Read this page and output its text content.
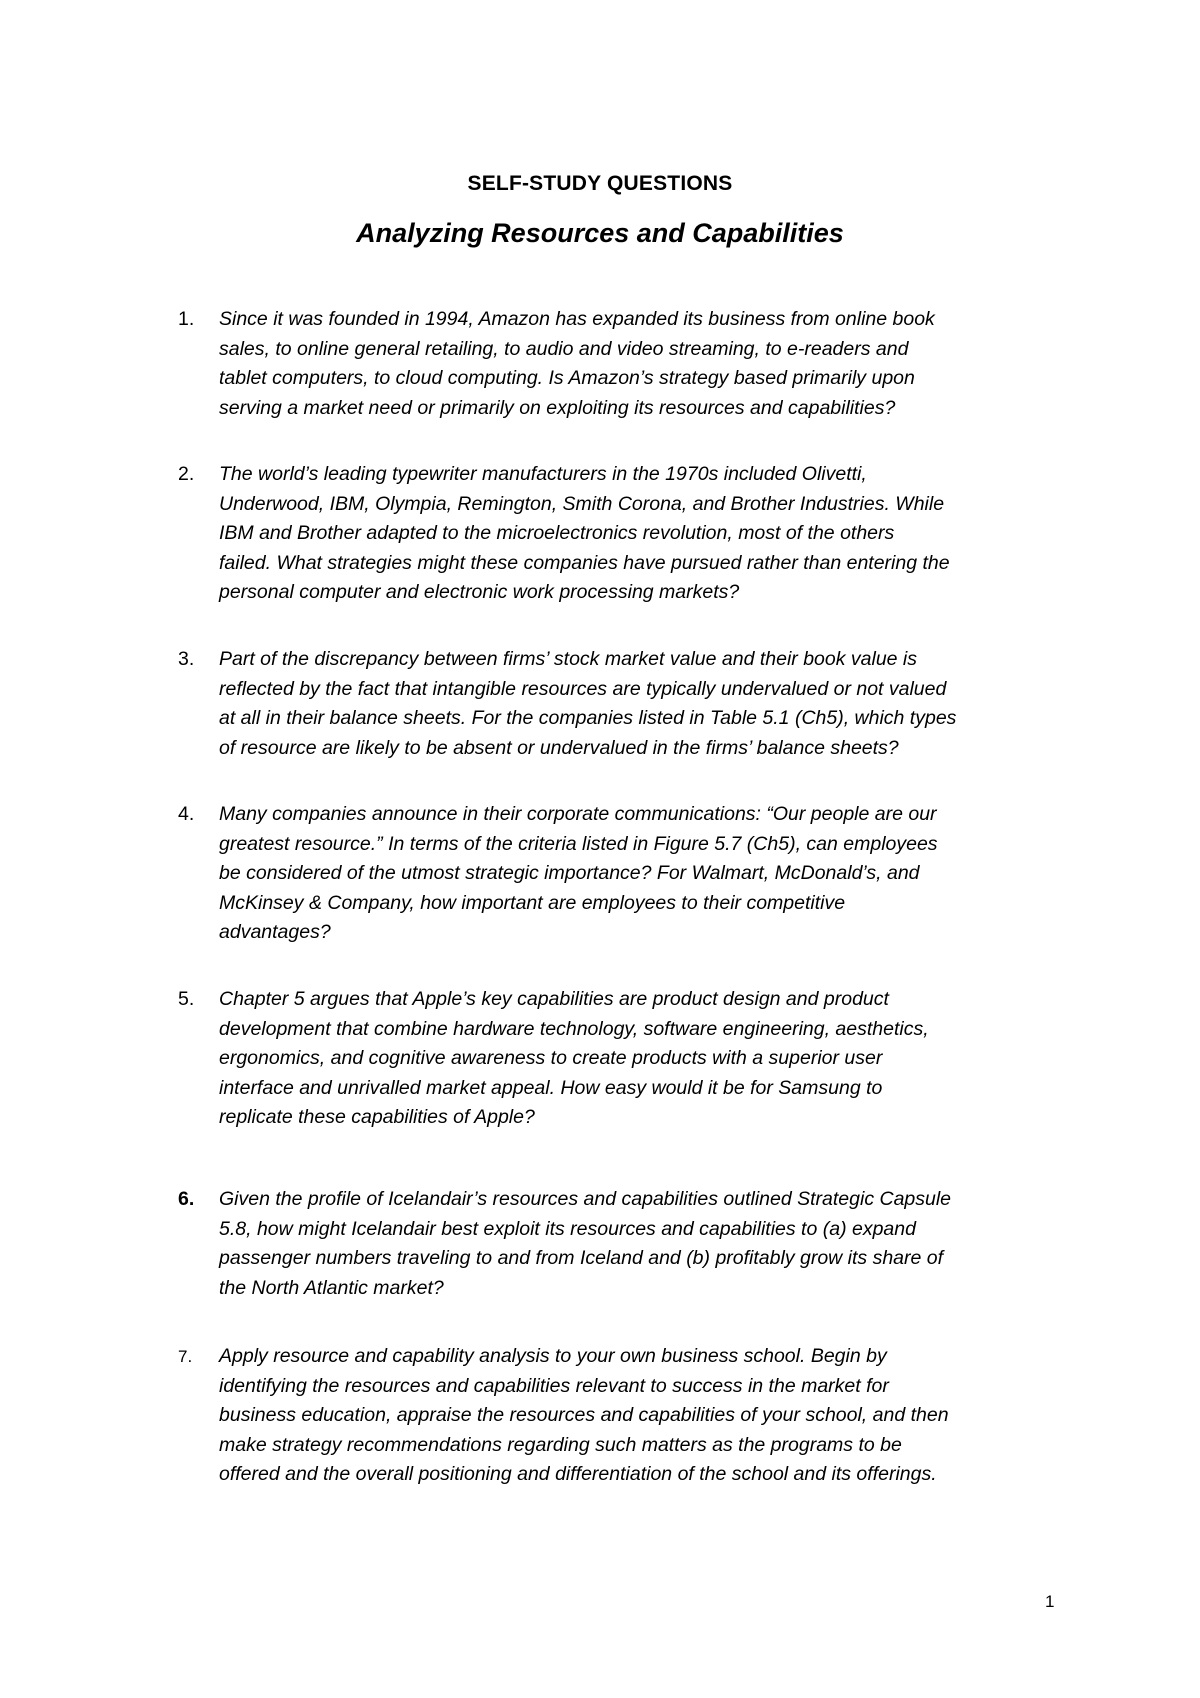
SELF-STUDY QUESTIONS
Analyzing Resources and Capabilities
1. Since it was founded in 1994, Amazon has expanded its business from online book
sales, to online general retailing, to audio and video streaming, to e-readers and
tablet computers, to cloud computing. Is Amazon’s strategy based primarily upon
serving a market need or primarily on exploiting its resources and capabilities?

2. The world’s leading typewriter manufacturers in the 1970s included Olivetti,
Underwood, IBM, Olympia, Remington, Smith Corona, and Brother Industries. While
IBM and Brother adapted to the microelectronics revolution, most of the others
failed. What strategies might these companies have pursued rather than entering the
personal computer and electronic work processing markets?

3. Part of the discrepancy between firms’ stock market value and their book value is
reflected by the fact that intangible resources are typically undervalued or not valued
at all in their balance sheets. For the companies listed in Table 5.1 (Ch5), which types
of resource are likely to be absent or undervalued in the firms’ balance sheets?

4. Many companies announce in their corporate communications: “Our people are our
greatest resource.” In terms of the criteria listed in Figure 5.7 (Ch5), can employees
be considered of the utmost strategic importance? For Walmart, McDonald’s, and
McKinsey & Company, how important are employees to their competitive
advantages?

5. Chapter 5 argues that Apple’s key capabilities are product design and product
development that combine hardware technology, software engineering, aesthetics,
ergonomics, and cognitive awareness to create products with a superior user
interface and unrivalled market appeal. How easy would it be for Samsung to
replicate these capabilities of Apple?

6. Given the profile of Icelandair’s resources and capabilities outlined Strategic Capsule
5.8, how might Icelandair best exploit its resources and capabilities to (a) expand
passenger numbers traveling to and from Iceland and (b) profitably grow its share of
the North Atlantic market?

7. Apply resource and capability analysis to your own business school. Begin by
identifying the resources and capabilities relevant to success in the market for
business education, appraise the resources and capabilities of your school, and then
make strategy recommendations regarding such matters as the programs to be
offered and the overall positioning and differentiation of the school and its offerings.

1
